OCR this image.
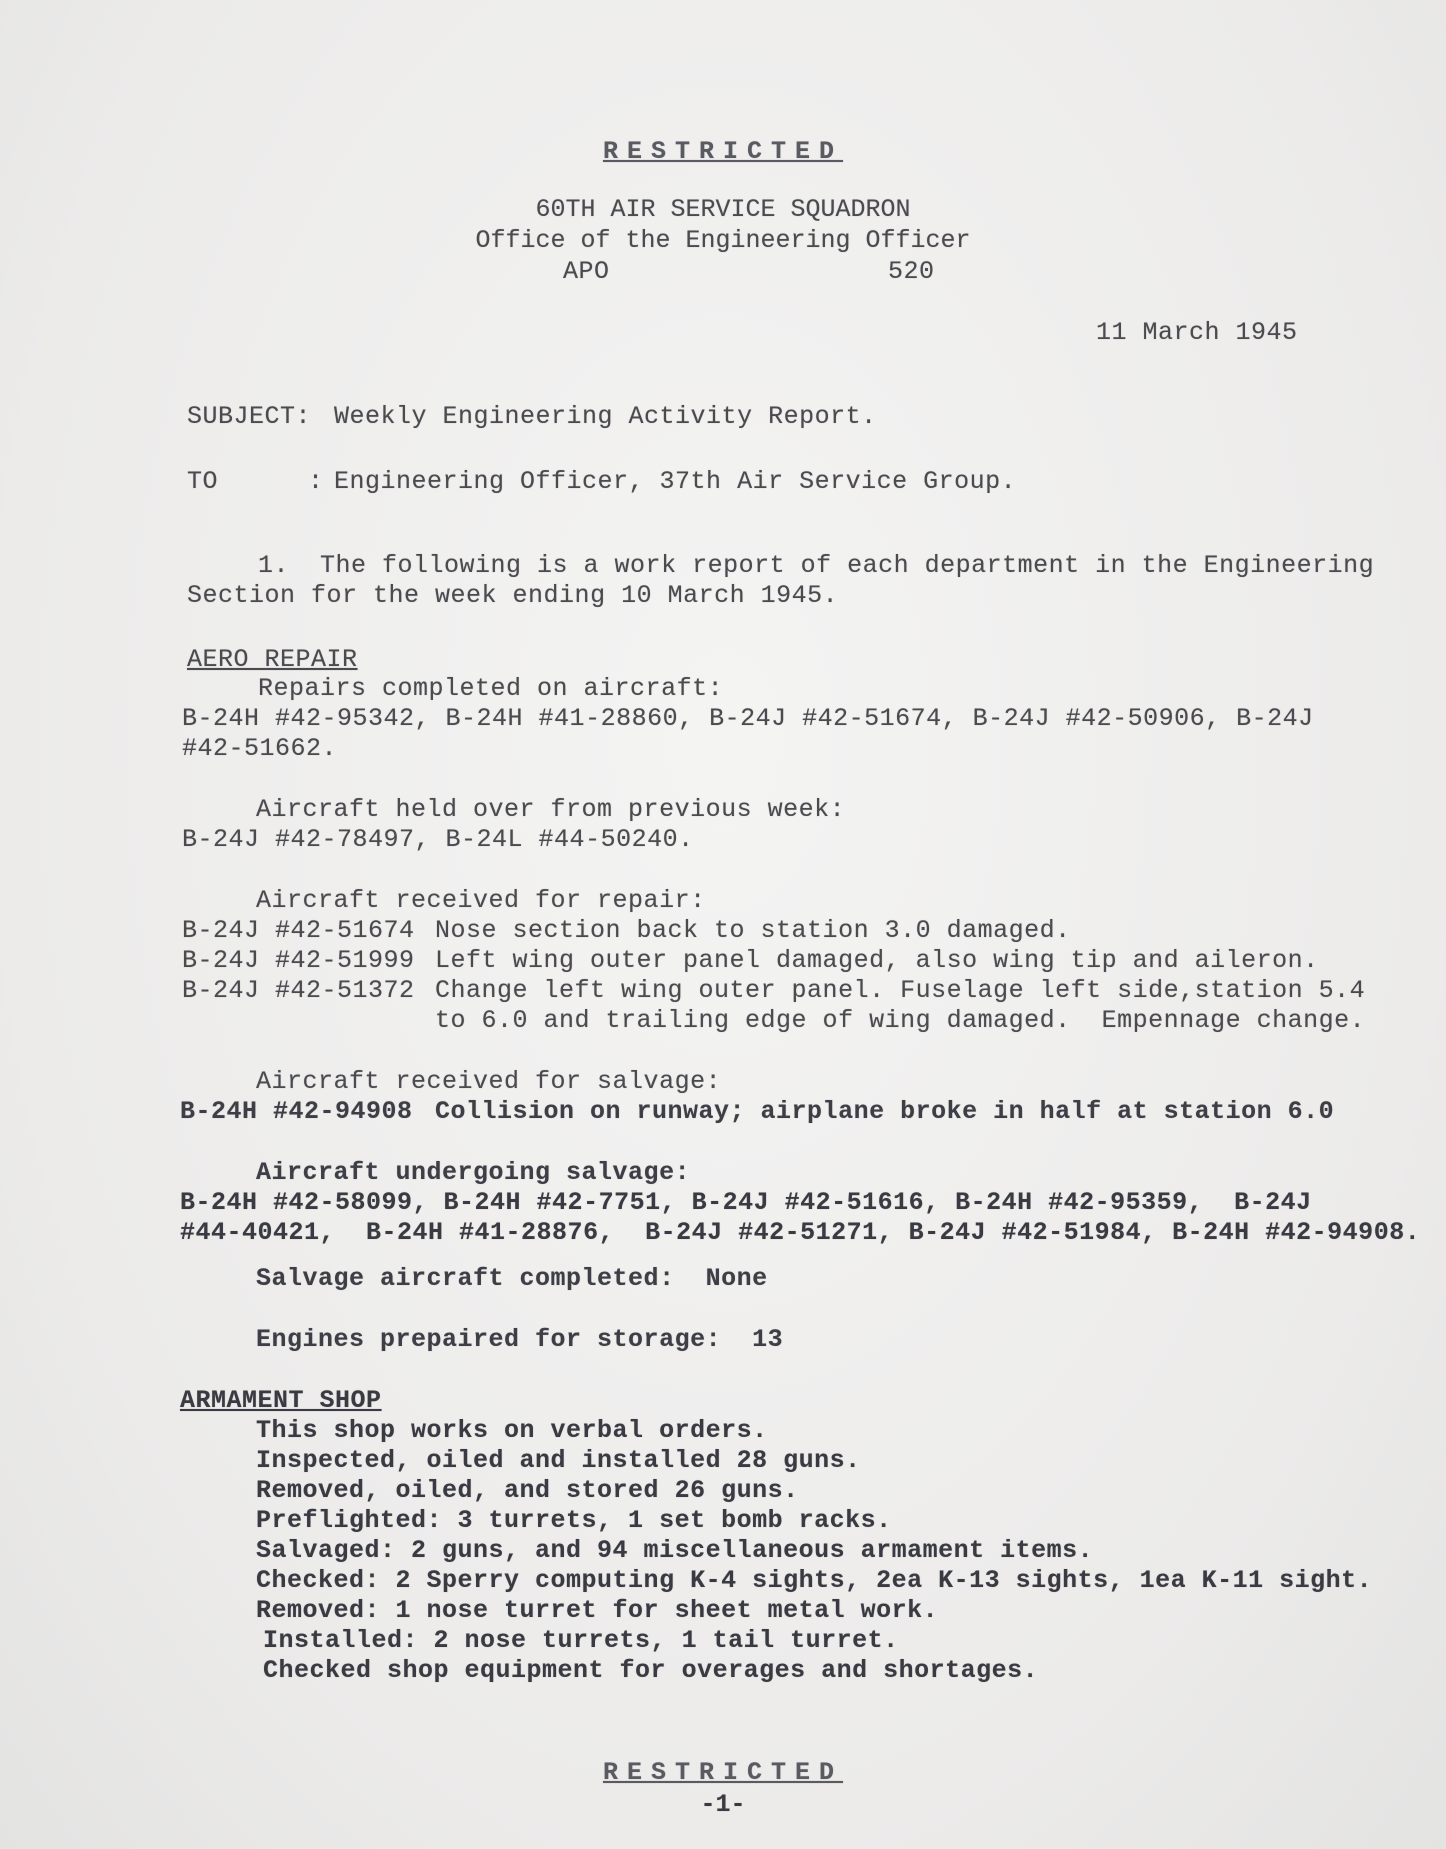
RESTRICTED
60TH AIR SERVICE SQUADRON
Office of the Engineering Officer
APO	520
11 March 1945
SUBJECT: Weekly Engineering Activity Report.
TO	: Engineering Officer, 37th Air Service Group.
1.  The following is a work report of each department in the Engineering
Section for the week ending 10 March 1945.
AERO REPAIR
Repairs completed on aircraft:
B-24H #42-95342, B-24H #41-28860, B-24J #42-51674, B-24J #42-50906, B-24J
#42-51662.
Aircraft held over from previous week:
B-24J #42-78497, B-24L #44-50240.
Aircraft received for repair:
B-24J #42-51674 Nose section back to station 3.0 damaged.
B-24J #42-51999 Left wing outer panel damaged, also wing tip and aileron.
B-24J #42-51372 Change left wing outer panel. Fuselage left side,station 5.4
to 6.0 and trailing edge of wing damaged.  Empennage change.
Aircraft received for salvage:
B-24H #42-94908 Collision on runway; airplane broke in half at station 6.0
Aircraft undergoing salvage:
B-24H #42-58099, B-24H #42-7751, B-24J #42-51616, B-24H #42-95359,  B-24J
#44-40421,  B-24H #41-28876,  B-24J #42-51271, B-24J #42-51984, B-24H #42-94908.
Salvage aircraft completed:  None
Engines prepaired for storage:  13
ARMAMENT SHOP
This shop works on verbal orders.
Inspected, oiled and installed 28 guns.
Removed, oiled, and stored 26 guns.
Preflighted: 3 turrets, 1 set bomb racks.
Salvaged: 2 guns, and 94 miscellaneous armament items.
Checked: 2 Sperry computing K-4 sights, 2ea K-13 sights, 1ea K-11 sight.
Removed: 1 nose turret for sheet metal work.
Installed: 2 nose turrets, 1 tail turret.
Checked shop equipment for overages and shortages.
RESTRICTED
-1-
